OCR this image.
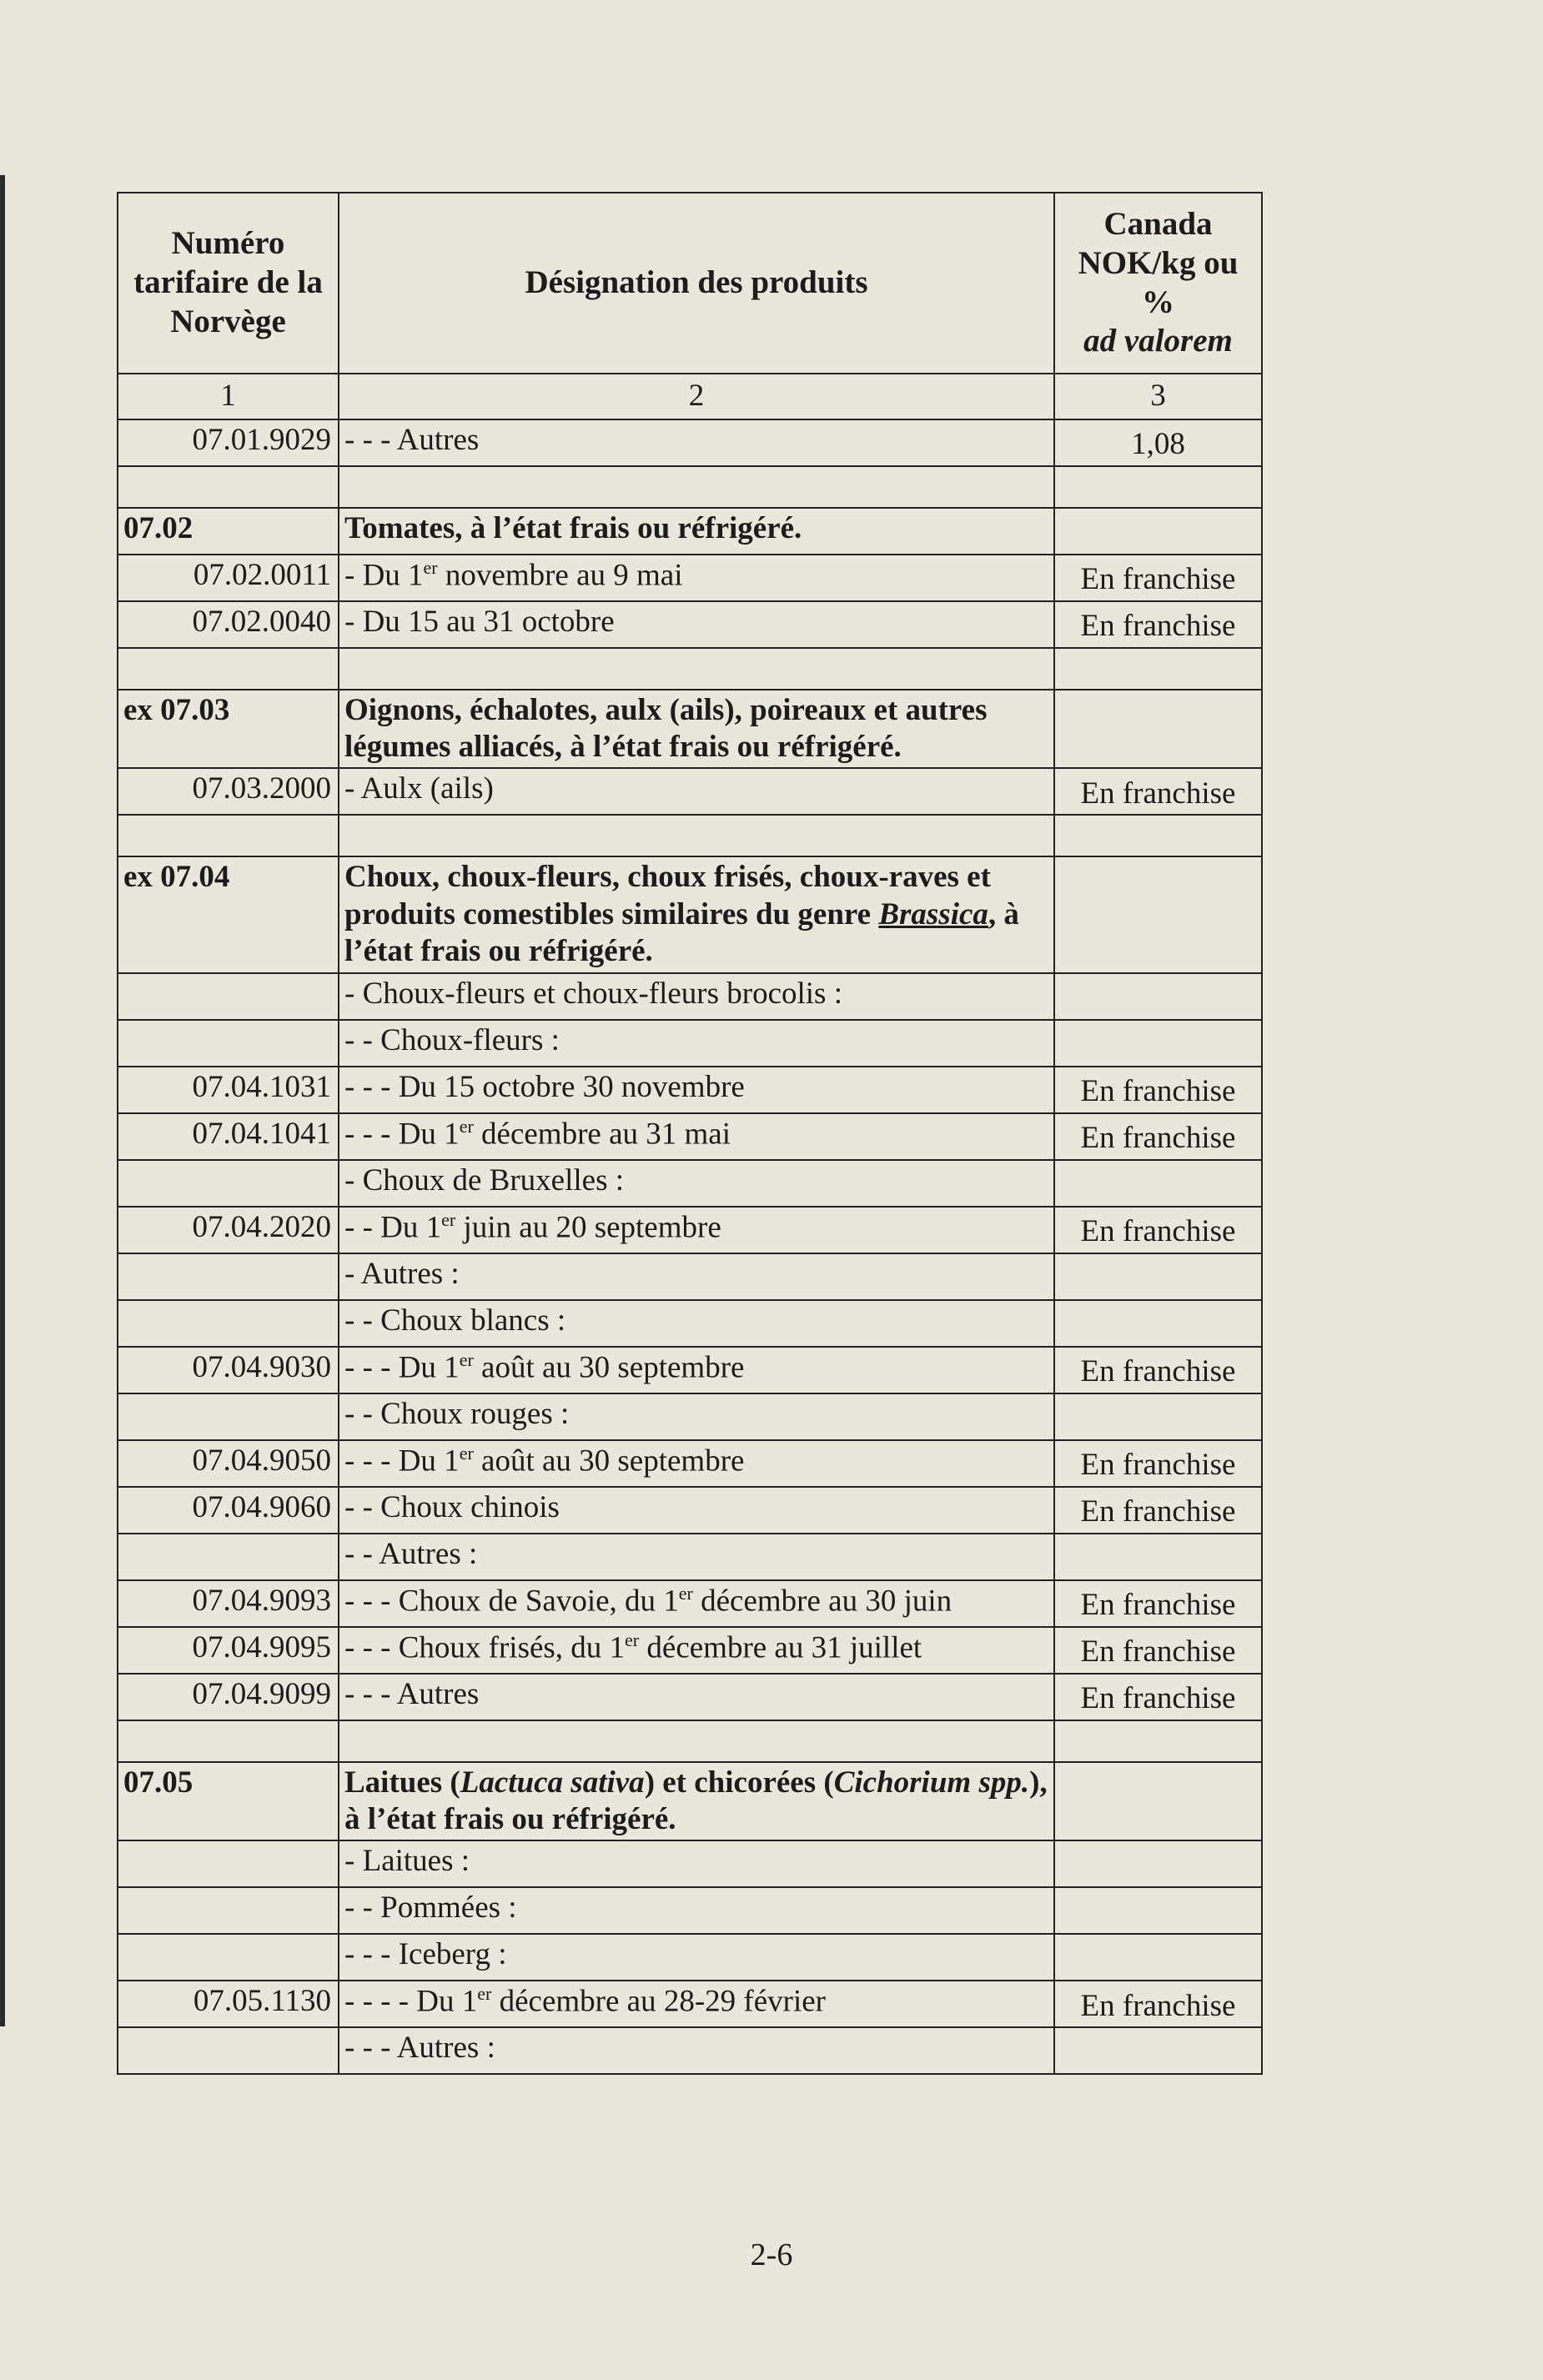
Numéro tarifaire de la Norvège	Désignation des produits	Canada
NOK/kg ou
%
ad valorem

1	2	3
07.01.9029	- - - Autres	1,08

07.02	Tomates, à l’état frais ou réfrigéré.	
07.02.0011	- Du 1er novembre au 9 mai	En franchise
07.02.0040	- Du 15 au 31 octobre	En franchise

ex 07.03	Oignons, échalotes, aulx (ails), poireaux et autres légumes alliacés, à l’état frais ou réfrigéré.	
07.03.2000	- Aulx (ails)	En franchise

ex 07.04	Choux, choux-fleurs, choux frisés, choux-raves et produits comestibles similaires du genre Brassica, à l’état frais ou réfrigéré.	
	- Choux-fleurs et choux-fleurs brocolis :	
	- - Choux-fleurs :	
07.04.1031	- - - Du 15 octobre 30 novembre	En franchise
07.04.1041	- - - Du 1er décembre au 31 mai	En franchise
	- Choux de Bruxelles :	
07.04.2020	- - Du 1er juin au 20 septembre	En franchise
	- Autres :	
	- - Choux blancs :	
07.04.9030	- - - Du 1er août au 30 septembre	En franchise
	- - Choux rouges :	
07.04.9050	- - - Du 1er août au 30 septembre	En franchise
07.04.9060	- - Choux chinois	En franchise
	- - Autres :	
07.04.9093	- - - Choux de Savoie, du 1er décembre au 30 juin	En franchise
07.04.9095	- - - Choux frisés, du 1er décembre au 31 juillet	En franchise
07.04.9099	- - - Autres	En franchise

07.05	Laitues (Lactuca sativa) et chicorées (Cichorium spp.), à l’état frais ou réfrigéré.	
	- Laitues :	
	- - Pommées :	
	- - - Iceberg :	
07.05.1130	- - - - Du 1er décembre au 28-29 février	En franchise
	- - - Autres :	
2-6
